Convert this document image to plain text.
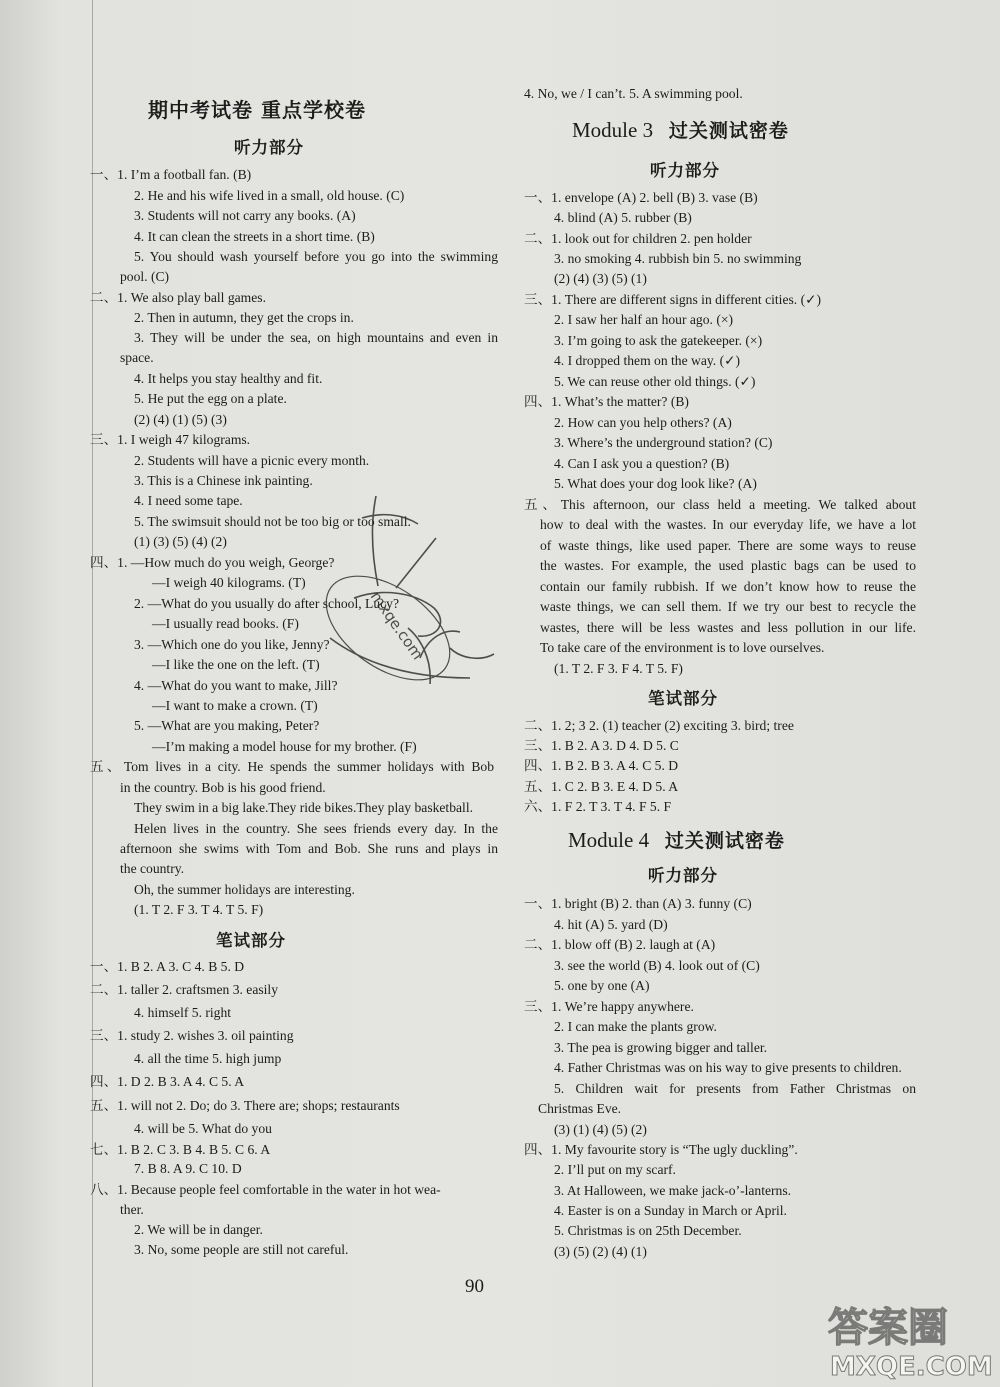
期中考试卷 重点学校卷
听力部分
笔试部分
一、1. I’m a football fan. (B)
2. He and his wife lived in a small, old house. (C)
3. Students will not carry any books. (A)
4. It can clean the streets in a short time. (B)
5. You should wash yourself before you go into the swimming
pool. (C)
二、1. We also play ball games.
2. Then in autumn, they get the crops in.
3. They will be under the sea, on high mountains and even in
space.
4. It helps you stay healthy and fit.
5. He put the egg on a plate.
(2) (4) (1) (5) (3)
三、1. I weigh 47 kilograms.
2. Students will have a picnic every month.
3. This is a Chinese ink painting.
4. I need some tape.
5. The swimsuit should not be too big or too small.
(1) (3) (5) (4) (2)
四、1. —How much do you weigh, George?
—I weigh 40 kilograms. (T)
2. —What do you usually do after school, Lucy?
—I usually read books. (F)
3. —Which one do you like, Jenny?
—I like the one on the left. (T)
4. —What do you want to make, Jill?
—I want to make a crown. (T)
5. —What are you making, Peter?
—I’m making a model house for my brother. (F)
五、Tom lives in a city. He spends the summer holidays with Bob
in the country. Bob is his good friend.
They swim in a big lake.They ride bikes.They play basketball.
Helen lives in the country. She sees friends every day. In the
afternoon she swims with Tom and Bob. She runs and plays in
the country.
Oh, the summer holidays are interesting.
(1. T 2. F 3. T 4. T 5. F)
一、1. B 2. A 3. C 4. B 5. D
二、1. taller 2. craftsmen 3. easily
4. himself 5. right
三、1. study 2. wishes 3. oil painting
4. all the time 5. high jump
四、1. D 2. B 3. A 4. C 5. A
五、1. will not 2. Do; do 3. There are; shops; restaurants
4. will be 5. What do you
七、1. B 2. C 3. B 4. B 5. C 6. A
7. B 8. A 9. C 10. D
八、1. Because people feel comfortable in the water in hot wea-
ther.
2. We will be in danger.
3. No, some people are still not careful.
4. No, we / I can’t. 5. A swimming pool.
Module 3 过关测试密卷
听力部分
笔试部分
Module 4 过关测试密卷
听力部分
一、1. envelope (A) 2. bell (B) 3. vase (B)
4. blind (A) 5. rubber (B)
二、1. look out for children 2. pen holder
3. no smoking 4. rubbish bin 5. no swimming
(2) (4) (3) (5) (1)
三、1. There are different signs in different cities. (✓)
2. I saw her half an hour ago. (×)
3. I’m going to ask the gatekeeper. (×)
4. I dropped them on the way. (✓)
5. We can reuse other old things. (✓)
四、1. What’s the matter? (B)
2. How can you help others? (A)
3. Where’s the underground station? (C)
4. Can I ask you a question? (B)
5. What does your dog look like? (A)
五、This afternoon, our class held a meeting. We talked about
how to deal with the wastes. In our everyday life, we have a lot
of waste things, like used paper. There are some ways to reuse
the wastes. For example, the used plastic bags can be used to
contain our family rubbish. If we don’t know how to reuse the
waste things, we can sell them. If we try our best to recycle the
wastes, there will be less wastes and less pollution in our life.
To take care of the environment is to love ourselves.
(1. T 2. F 3. F 4. T 5. F)
二、1. 2; 3 2. (1) teacher (2) exciting 3. bird; tree
三、1. B 2. A 3. D 4. D 5. C
四、1. B 2. B 3. A 4. C 5. D
五、1. C 2. B 3. E 4. D 5. A
六、1. F 2. T 3. T 4. F 5. F
一、1. bright (B) 2. than (A) 3. funny (C)
4. hit (A) 5. yard (D)
二、1. blow off (B) 2. laugh at (A)
3. see the world (B) 4. look out of (C)
5. one by one (A)
三、1. We’re happy anywhere.
2. I can make the plants grow.
3. The pea is growing bigger and taller.
4. Father Christmas was on his way to give presents to children.
5. Children wait for presents from Father Christmas on
Christmas Eve.
(3) (1) (4) (5) (2)
四、1. My favourite story is “The ugly duckling”.
2. I’ll put on my scarf.
3. At Halloween, we make jack-o’-lanterns.
4. Easter is on a Sunday in March or April.
5. Christmas is on 25th December.
(3) (5) (2) (4) (1)
90
mxqe.com
答案圈
MXQE.COM
